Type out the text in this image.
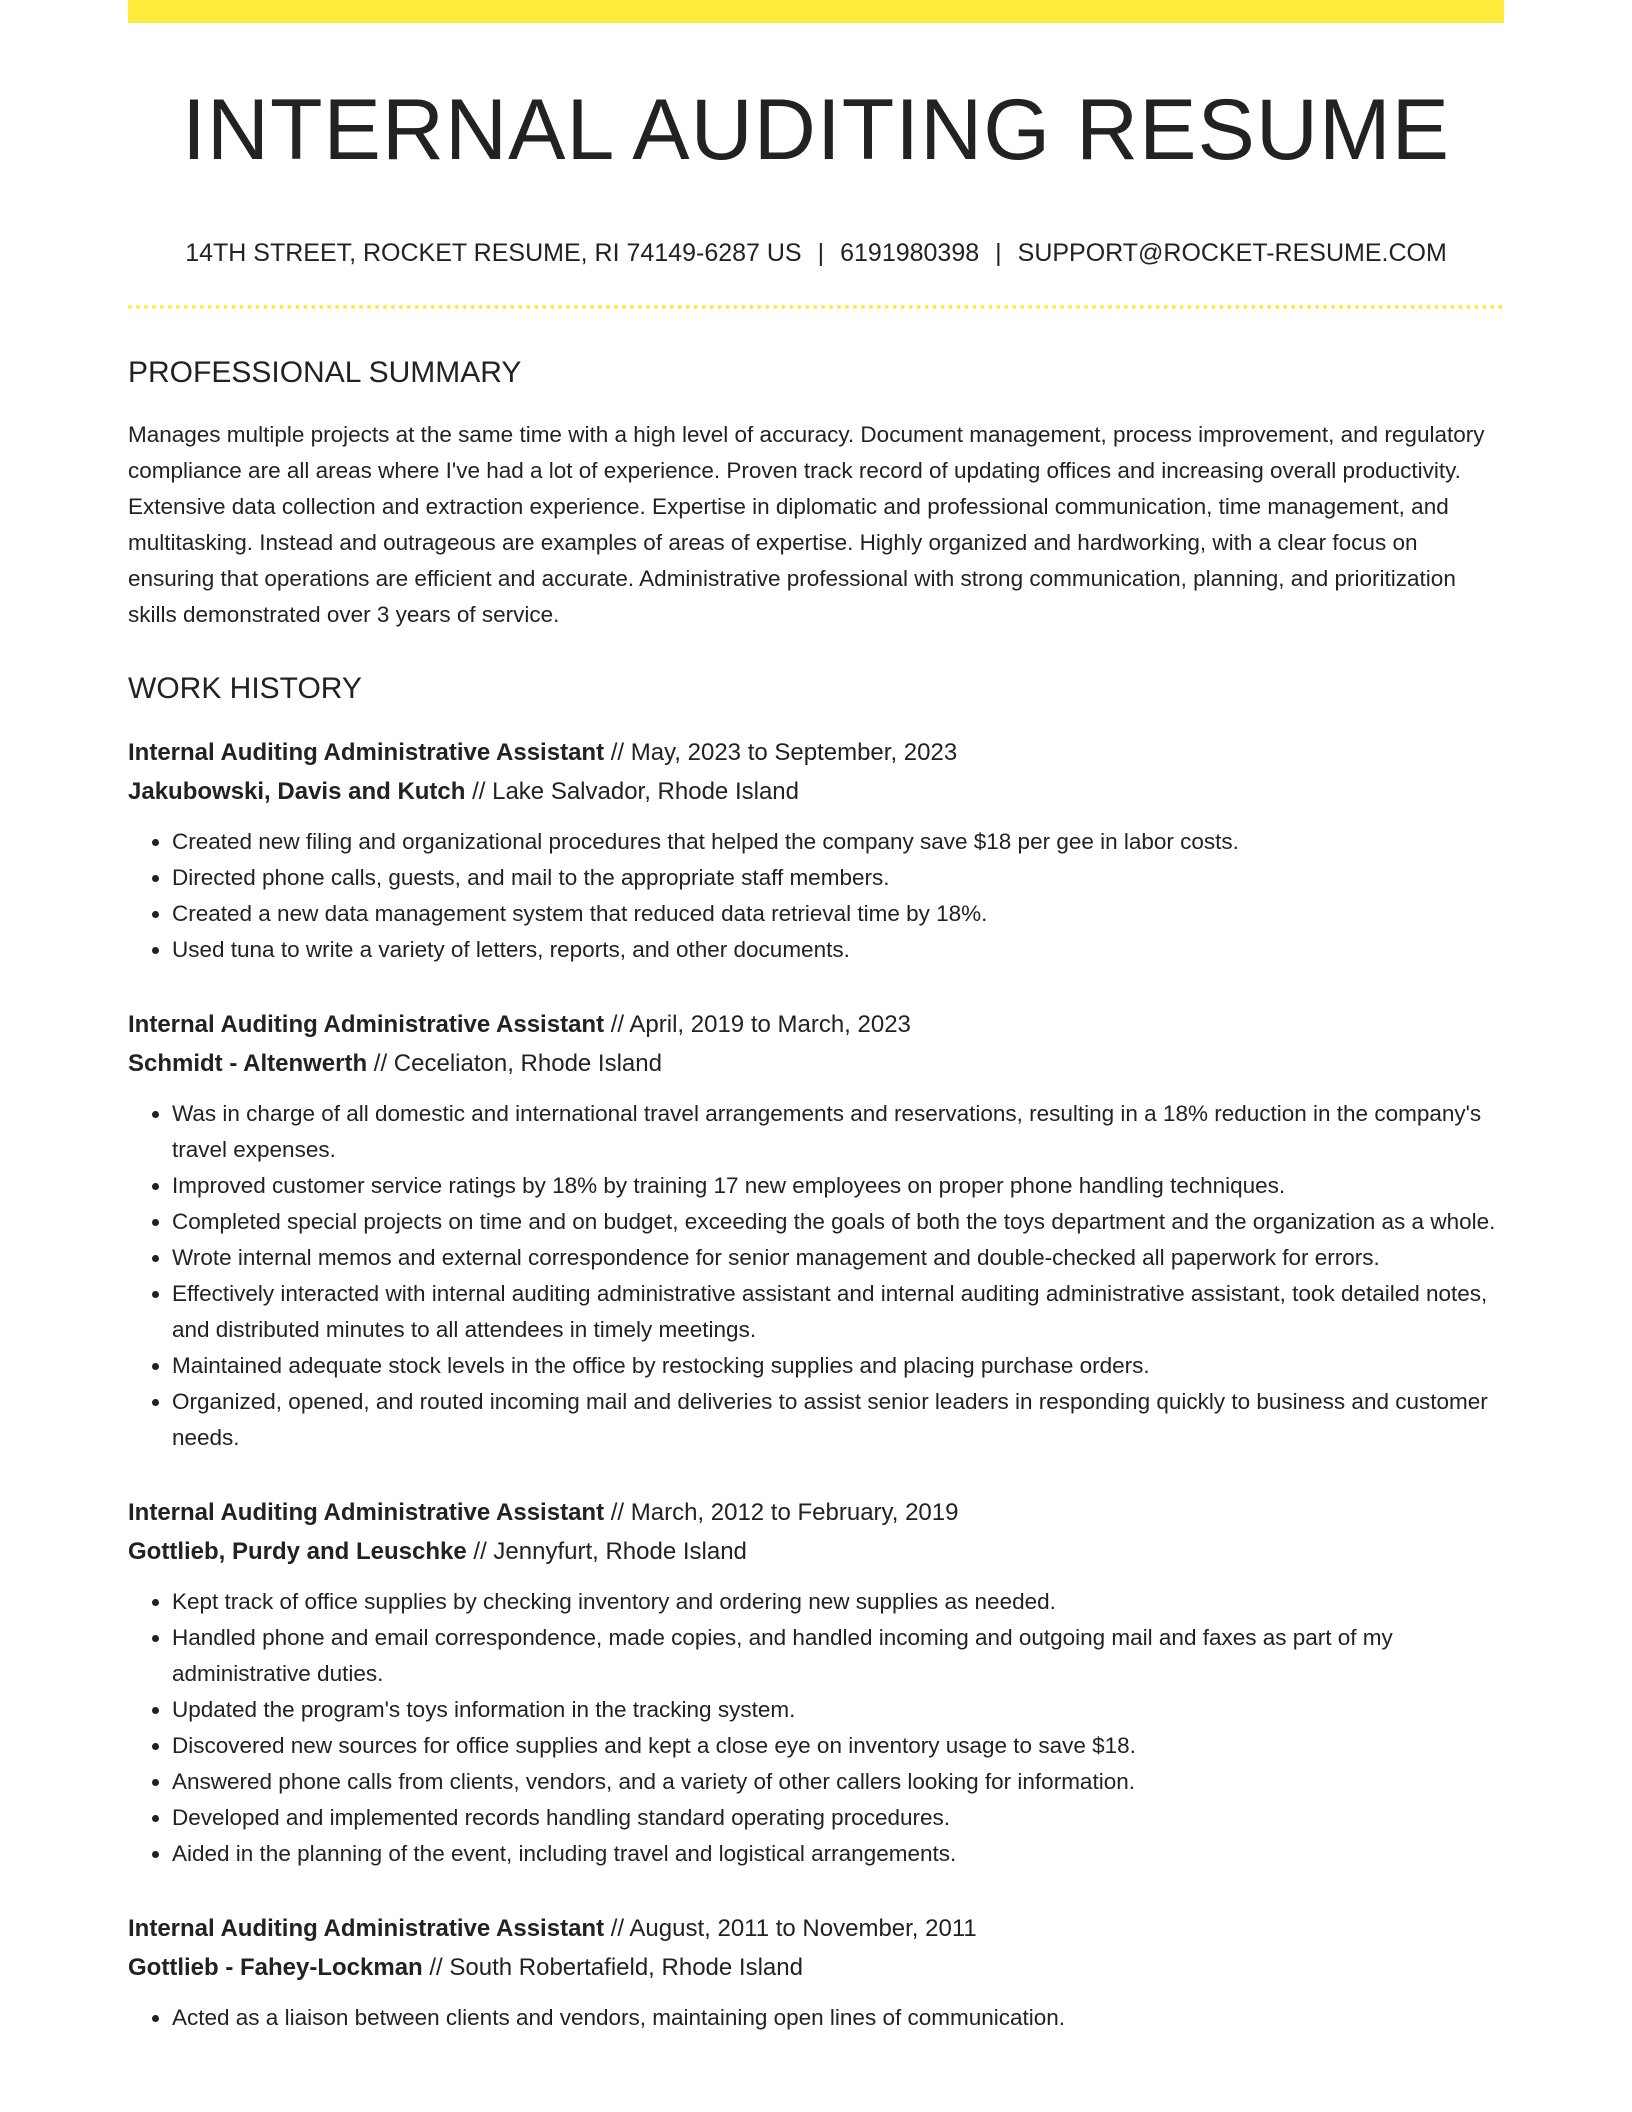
INTERNAL AUDITING RESUME
14TH STREET, ROCKET RESUME, RI 74149-6287 US | 6191980398 | SUPPORT@ROCKET-RESUME.COM
PROFESSIONAL SUMMARY

Manages multiple projects at the same time with a high level of accuracy. Document management, process improvement, and regulatory compliance are all areas where I've had a lot of experience. Proven track record of updating offices and increasing overall productivity. Extensive data collection and extraction experience. Expertise in diplomatic and professional communication, time management, and multitasking. Instead and outrageous are examples of areas of expertise. Highly organized and hardworking, with a clear focus on ensuring that operations are efficient and accurate. Administrative professional with strong communication, planning, and prioritization skills demonstrated over 3 years of service.

WORK HISTORY
Internal Auditing Administrative Assistant // May, 2023 to September, 2023
Jakubowski, Davis and Kutch // Lake Salvador, Rhode Island
• Created new filing and organizational procedures that helped the company save $18 per gee in labor costs.
• Directed phone calls, guests, and mail to the appropriate staff members.
• Created a new data management system that reduced data retrieval time by 18%.
• Used tuna to write a variety of letters, reports, and other documents.
Internal Auditing Administrative Assistant // April, 2019 to March, 2023
Schmidt - Altenwerth // Ceceliaton, Rhode Island
• Was in charge of all domestic and international travel arrangements and reservations, resulting in a 18% reduction in the company's travel expenses.
• Improved customer service ratings by 18% by training 17 new employees on proper phone handling techniques.
• Completed special projects on time and on budget, exceeding the goals of both the toys department and the organization as a whole.
• Wrote internal memos and external correspondence for senior management and double-checked all paperwork for errors.
• Effectively interacted with internal auditing administrative assistant and internal auditing administrative assistant, took detailed notes, and distributed minutes to all attendees in timely meetings.
• Maintained adequate stock levels in the office by restocking supplies and placing purchase orders.
• Organized, opened, and routed incoming mail and deliveries to assist senior leaders in responding quickly to business and customer needs.
Internal Auditing Administrative Assistant // March, 2012 to February, 2019
Gottlieb, Purdy and Leuschke // Jennyfurt, Rhode Island
• Kept track of office supplies by checking inventory and ordering new supplies as needed.
• Handled phone and email correspondence, made copies, and handled incoming and outgoing mail and faxes as part of my administrative duties.
• Updated the program's toys information in the tracking system.
• Discovered new sources for office supplies and kept a close eye on inventory usage to save $18.
• Answered phone calls from clients, vendors, and a variety of other callers looking for information.
• Developed and implemented records handling standard operating procedures.
• Aided in the planning of the event, including travel and logistical arrangements.
Internal Auditing Administrative Assistant // August, 2011 to November, 2011
Gottlieb - Fahey-Lockman // South Robertafield, Rhode Island
• Acted as a liaison between clients and vendors, maintaining open lines of communication.
